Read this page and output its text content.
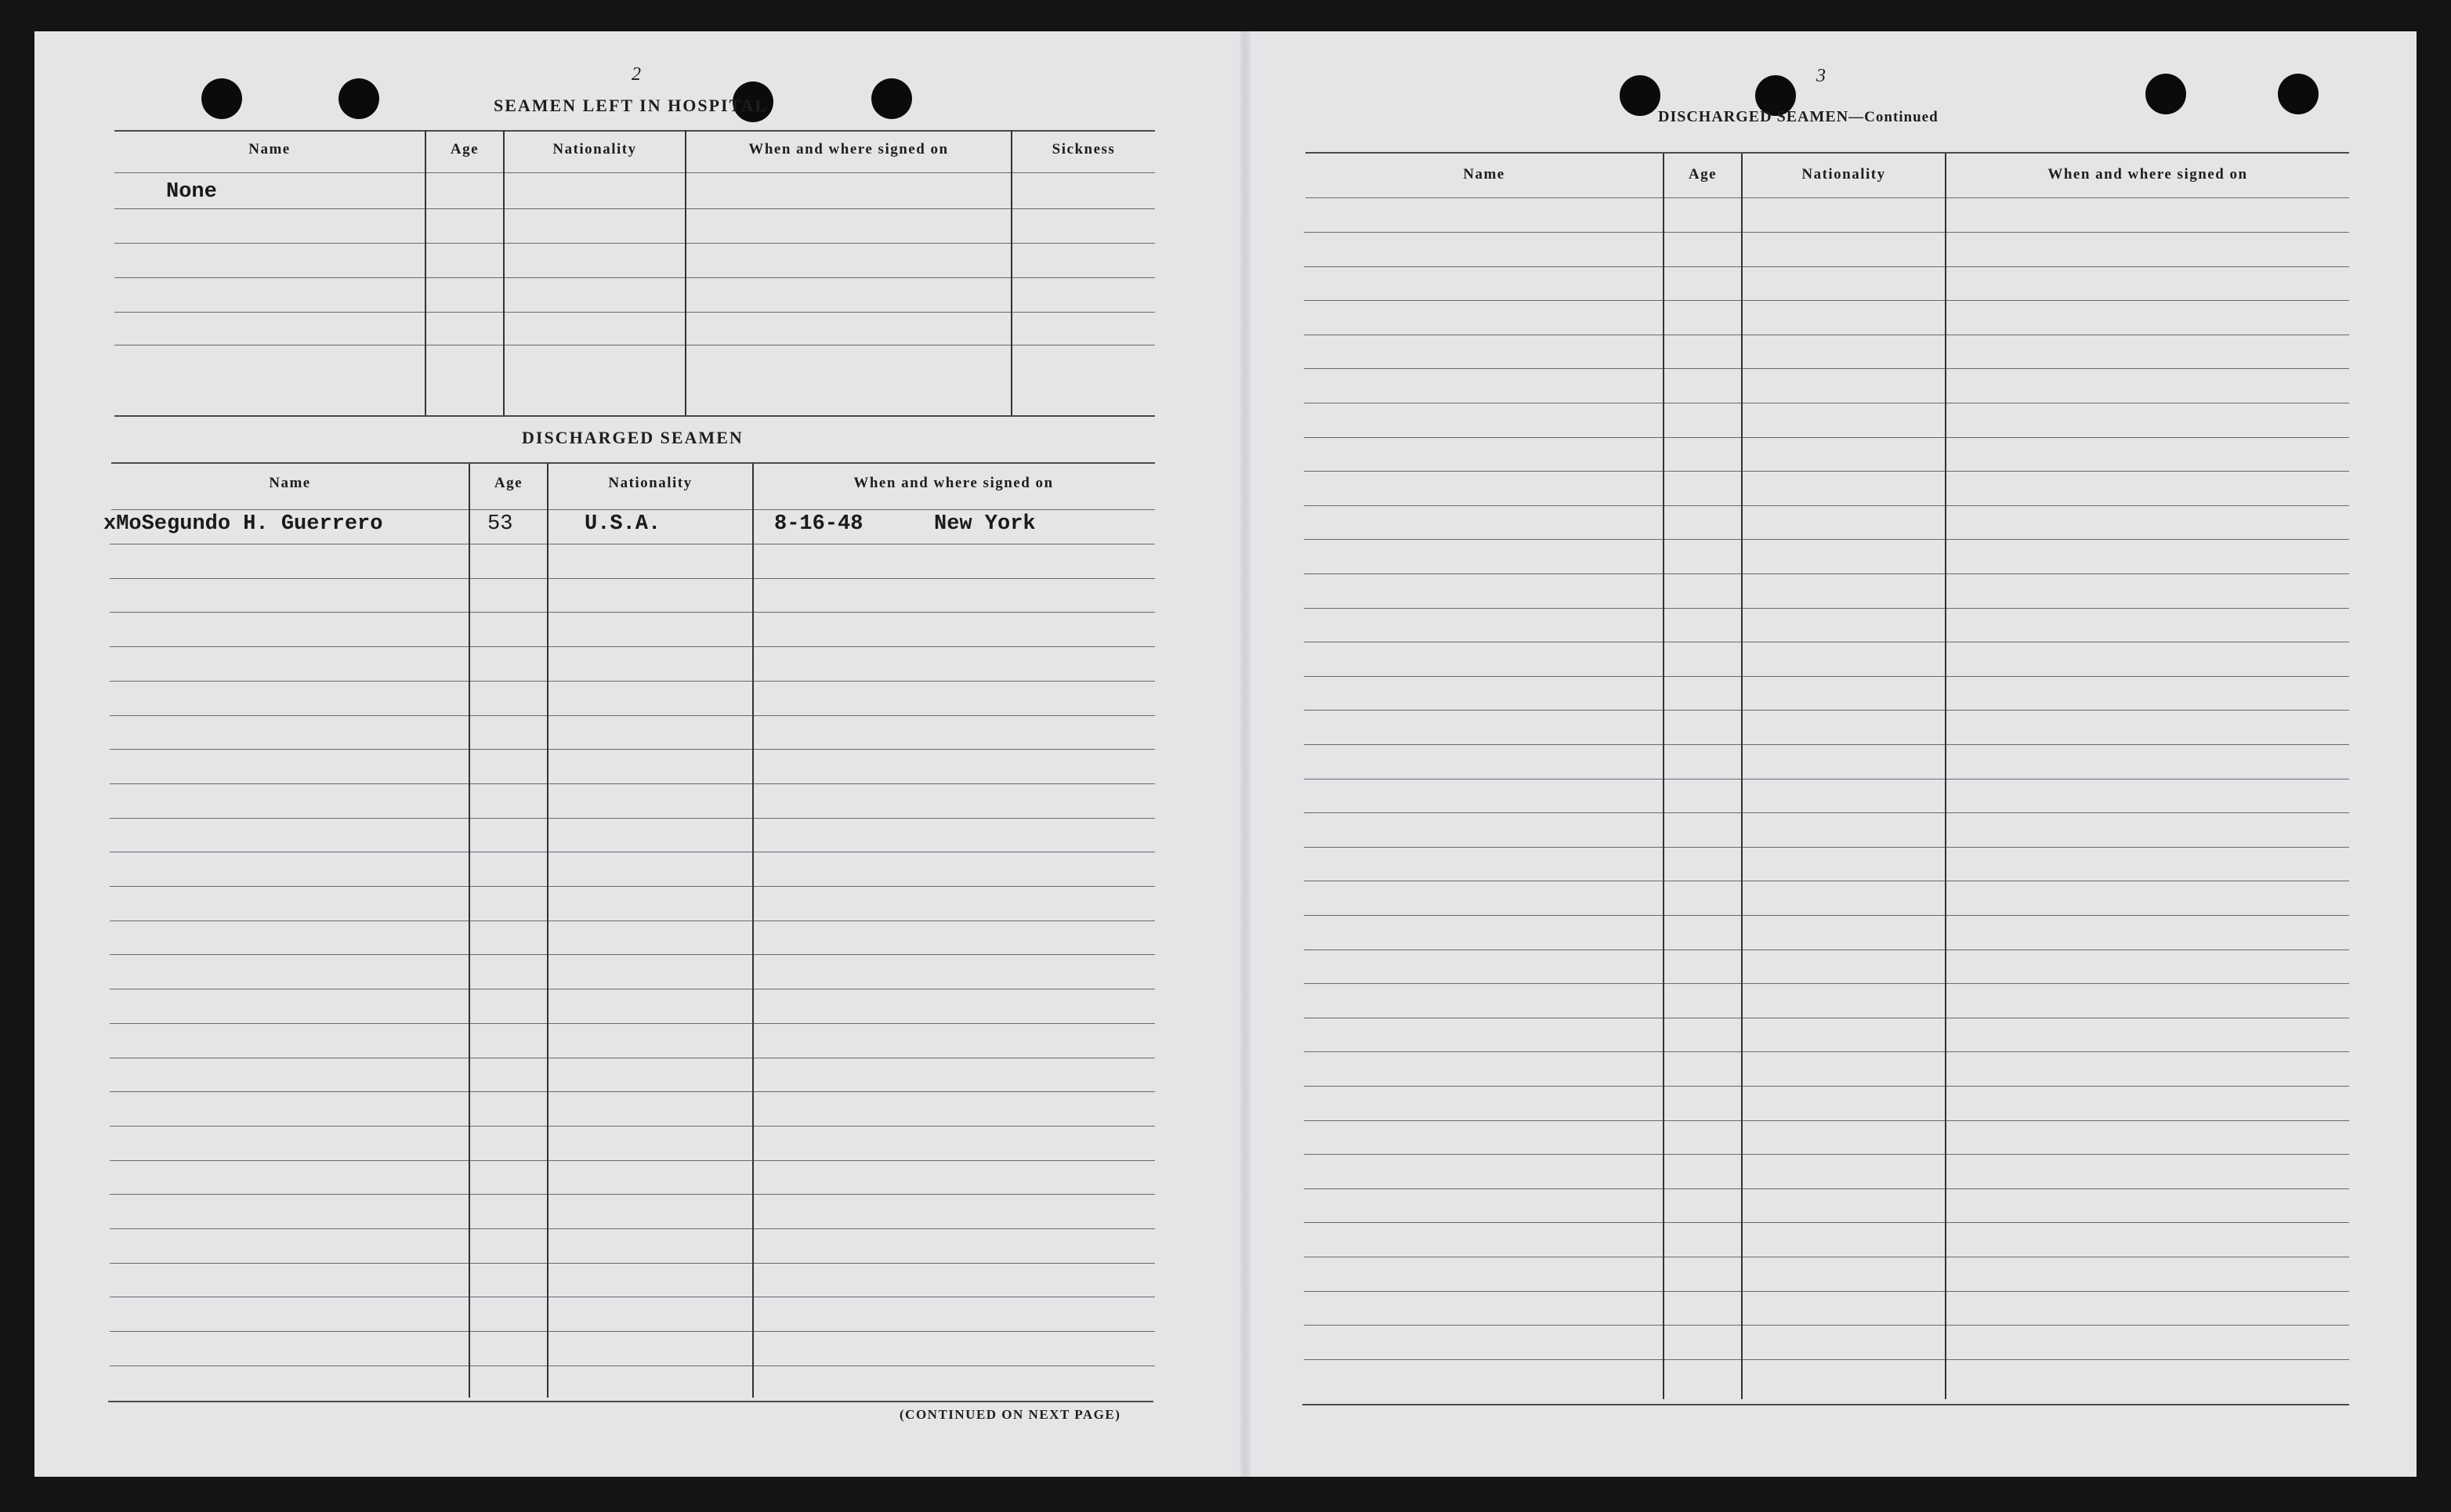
2
SEAMEN LEFT IN HOSPITAL
Name	Age	Nationality	When and where signed on	Sickness
None
DISCHARGED SEAMEN
Name	Age	Nationality	When and where signed on
xMoSegundo H. Guerrero	53	U.S.A.	8-16-48	New York
(CONTINUED ON NEXT PAGE)
3
DISCHARGED SEAMEN—Continued
Name	Age	Nationality	When and where signed on
